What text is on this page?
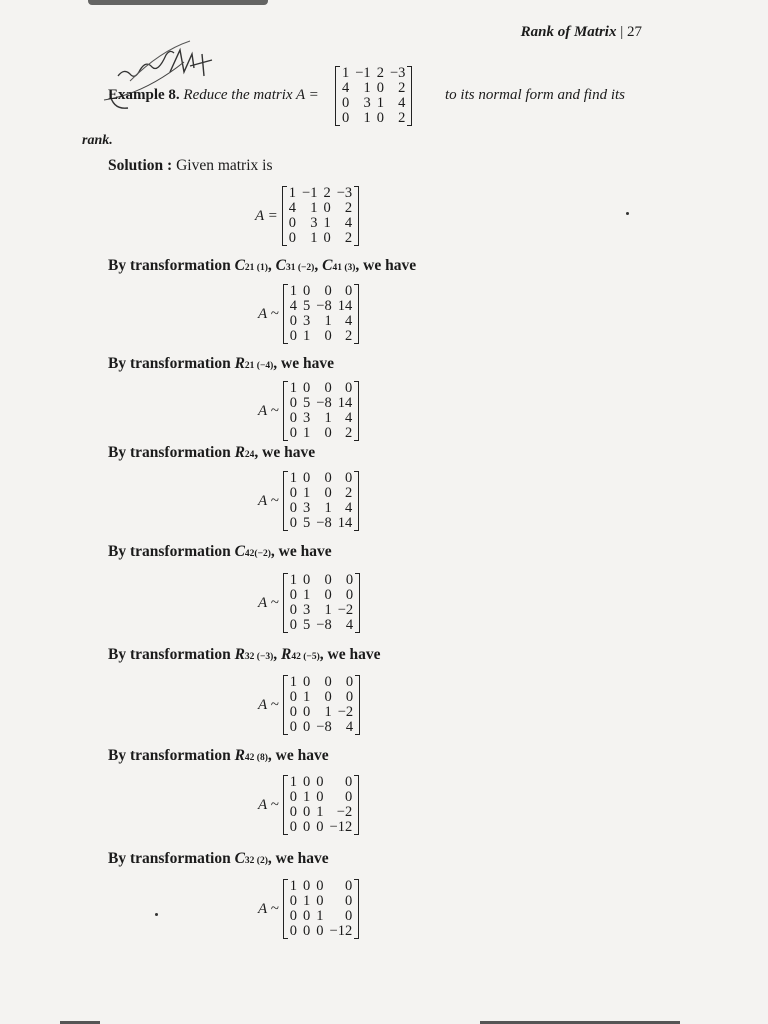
Rank of Matrix | 27
Example 8. Reduce the matrix A =
1	−1	2	−3
4	1	0	2
0	3	1	4
0	1	0	2
to its normal form and find its
rank.
Solution : Given matrix is
A =
1	−1	2	−3
4	1	0	2
0	3	1	4
0	1	0	2
By transformation C21 (1), C31 (−2), C41 (3), we have
A ~
1	0	0	0
4	5	−8	14
0	3	1	4
0	1	0	2
By transformation R21 (−4), we have
A ~
1	0	0	0
0	5	−8	14
0	3	1	4
0	1	0	2
By transformation R24, we have
A ~
1	0	0	0
0	1	0	2
0	3	1	4
0	5	−8	14
By transformation C42(−2), we have
A ~
1	0	0	0
0	1	0	0
0	3	1	−2
0	5	−8	4
By transformation R32 (−3), R42 (−5), we have
A ~
1	0	0	0
0	1	0	0
0	0	1	−2
0	0	−8	4
By transformation R42 (8), we have
A ~
1	0	0	0
0	1	0	0
0	0	1	−2
0	0	0	−12
By transformation C32 (2), we have
A ~
1	0	0	0
0	1	0	0
0	0	1	0
0	0	0	−12
